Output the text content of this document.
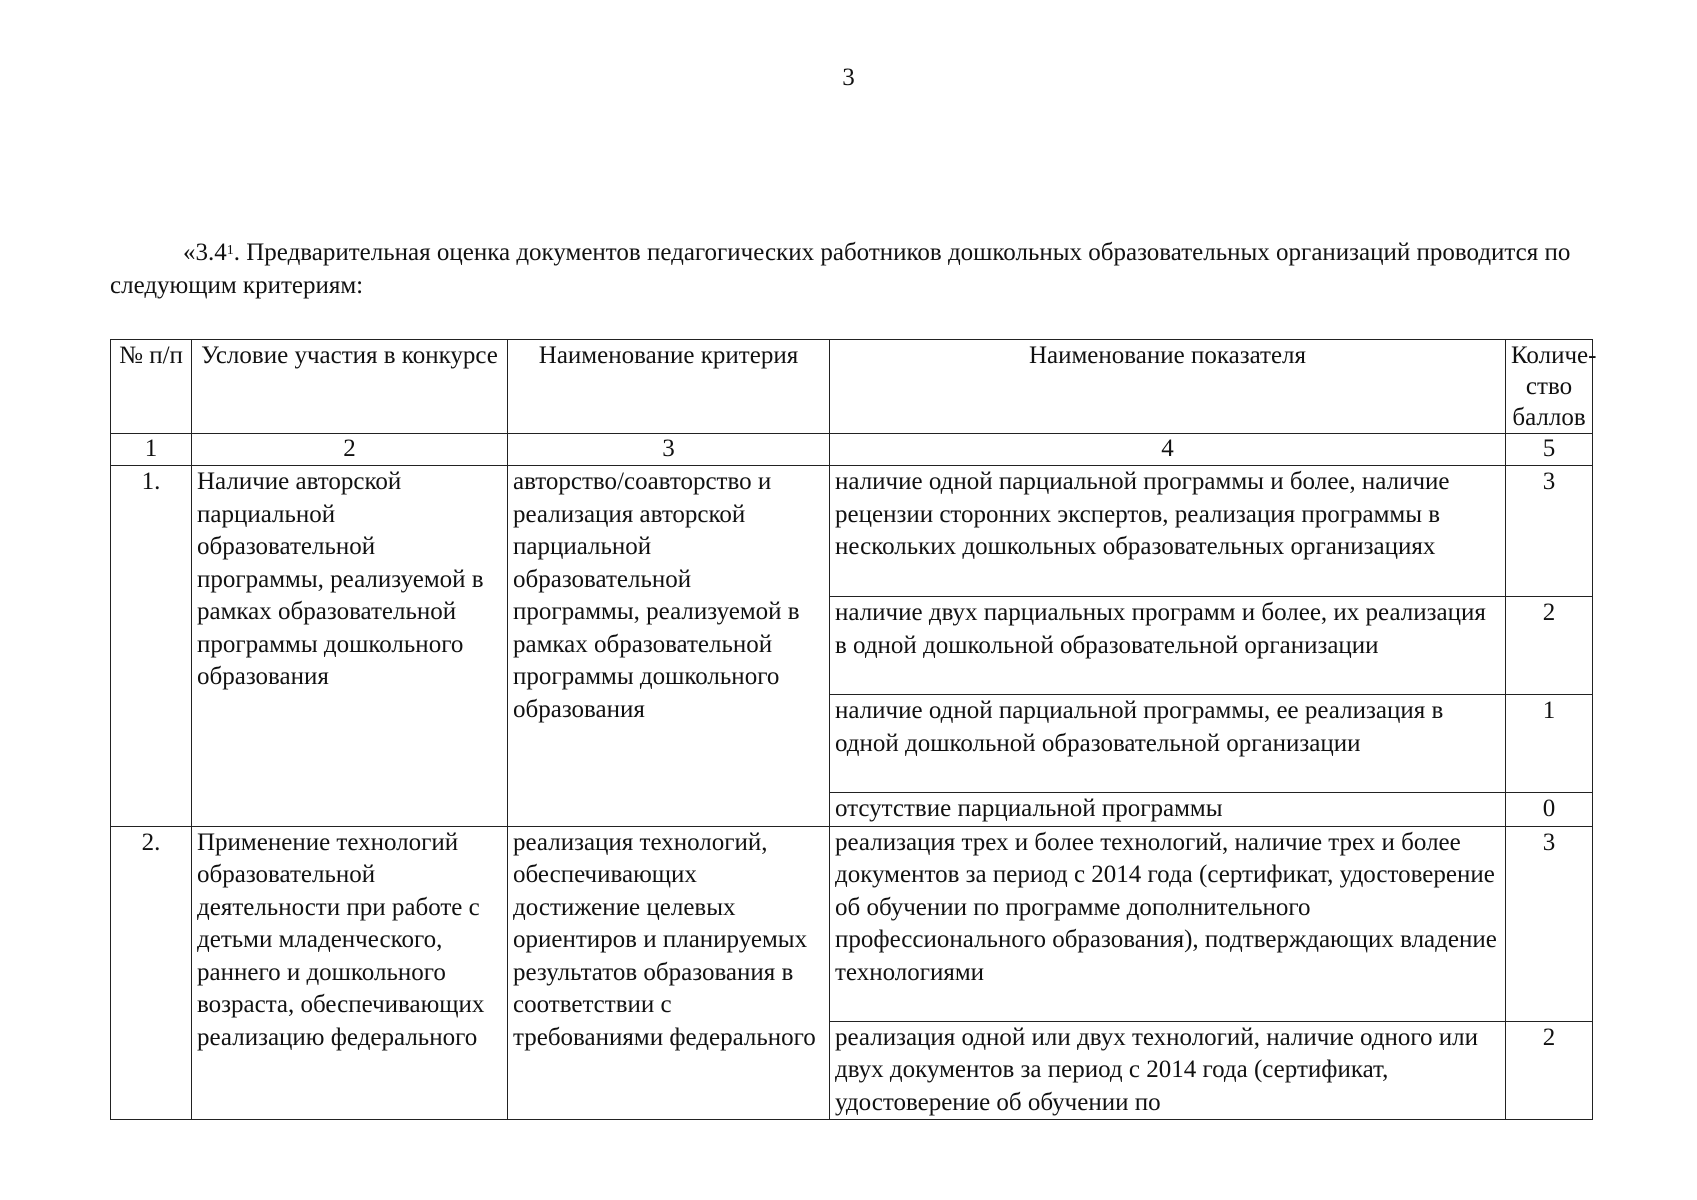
3
«$3.4^1$. Предварительная оценка документов педагогических работников дошкольных образовательных организаций проводится по следующим критериям:
№ п/п	Условие участия в конкурсе	Наименование критерия	Наименование показателя	Количе-ство баллов
1	2	3	4	5
1.	Наличие авторской парциальной образовательной программы, реализуемой в рамках образовательной программы дошкольного образования	авторство/соавторство и реализация авторской парциальной образовательной программы, реализуемой в рамках образовательной программы дошкольного образования	наличие одной парциальной программы и более, наличие рецензии сторонних экспертов, реализация программы в нескольких дошкольных образовательных организациях	3
			наличие двух парциальных программ и более, их реализация в одной дошкольной образовательной организации	2
			наличие одной парциальной программы, ее реализация в одной дошкольной образовательной организации	1
			отсутствие парциальной программы	0
2.	Применение технологий образовательной деятельности при работе с детьми младенческого, раннего и дошкольного возраста, обеспечивающих реализацию федерального	реализация технологий, обеспечивающих достижение целевых ориентиров и планируемых результатов образования в соответствии с требованиями федерального	реализация трех и более технологий, наличие трех и более документов за период с 2014 года (сертификат, удостоверение об обучении по программе дополнительного профессионального образования), подтверждающих владение технологиями	3
			реализация одной или двух технологий, наличие одного или двух документов за период с 2014 года (сертификат, удостоверение об обучении по	2
